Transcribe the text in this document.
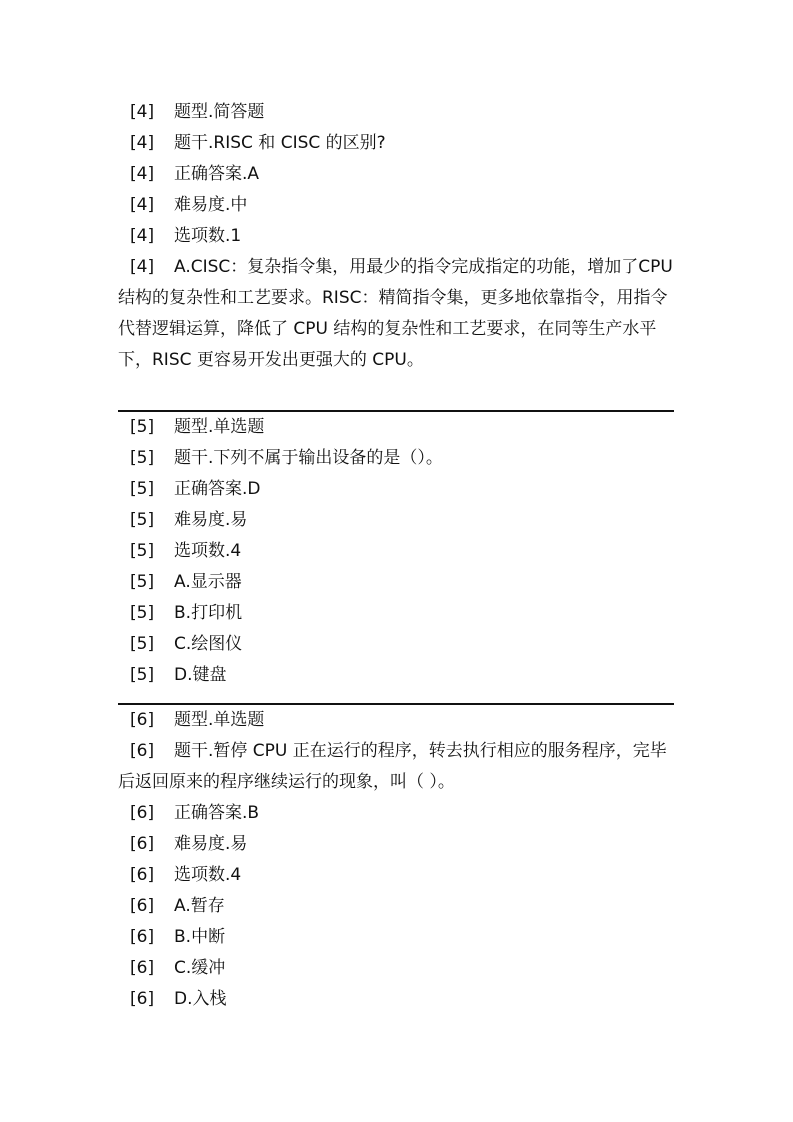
[4]	题型.简答题
[4]	题干.RISC 和 CISC 的区别?
[4]	正确答案.A
[4]	难易度.中
[4]	选项数.1
[4] A.CISC：复杂指令集，用最少的指令完成指定的功能，增加了CPU 结构的复杂性和工艺要求。RISC：精简指令集，更多地依靠指令，用指令代替逻辑运算，降低了 CPU 结构的复杂性和工艺要求，在同等生产水平下，RISC 更容易开发出更强大的 CPU。
[5]	题型.单选题
[5]	题干.下列不属于输出设备的是（）。
[5]	正确答案.D
[5]	难易度.易
[5]	选项数.4
[5]	A.显示器
[5]	B.打印机
[5]	C.绘图仪
[5]	D.键盘
[6]	题型.单选题
[6] 题干.暂停 CPU 正在运行的程序，转去执行相应的服务程序，完毕后返回原来的程序继续运行的现象，叫（ ）。
[6]	正确答案.B
[6]	难易度.易
[6]	选项数.4
[6]	A.暂存
[6]	B.中断
[6]	C.缓冲
[6]	D.入栈
